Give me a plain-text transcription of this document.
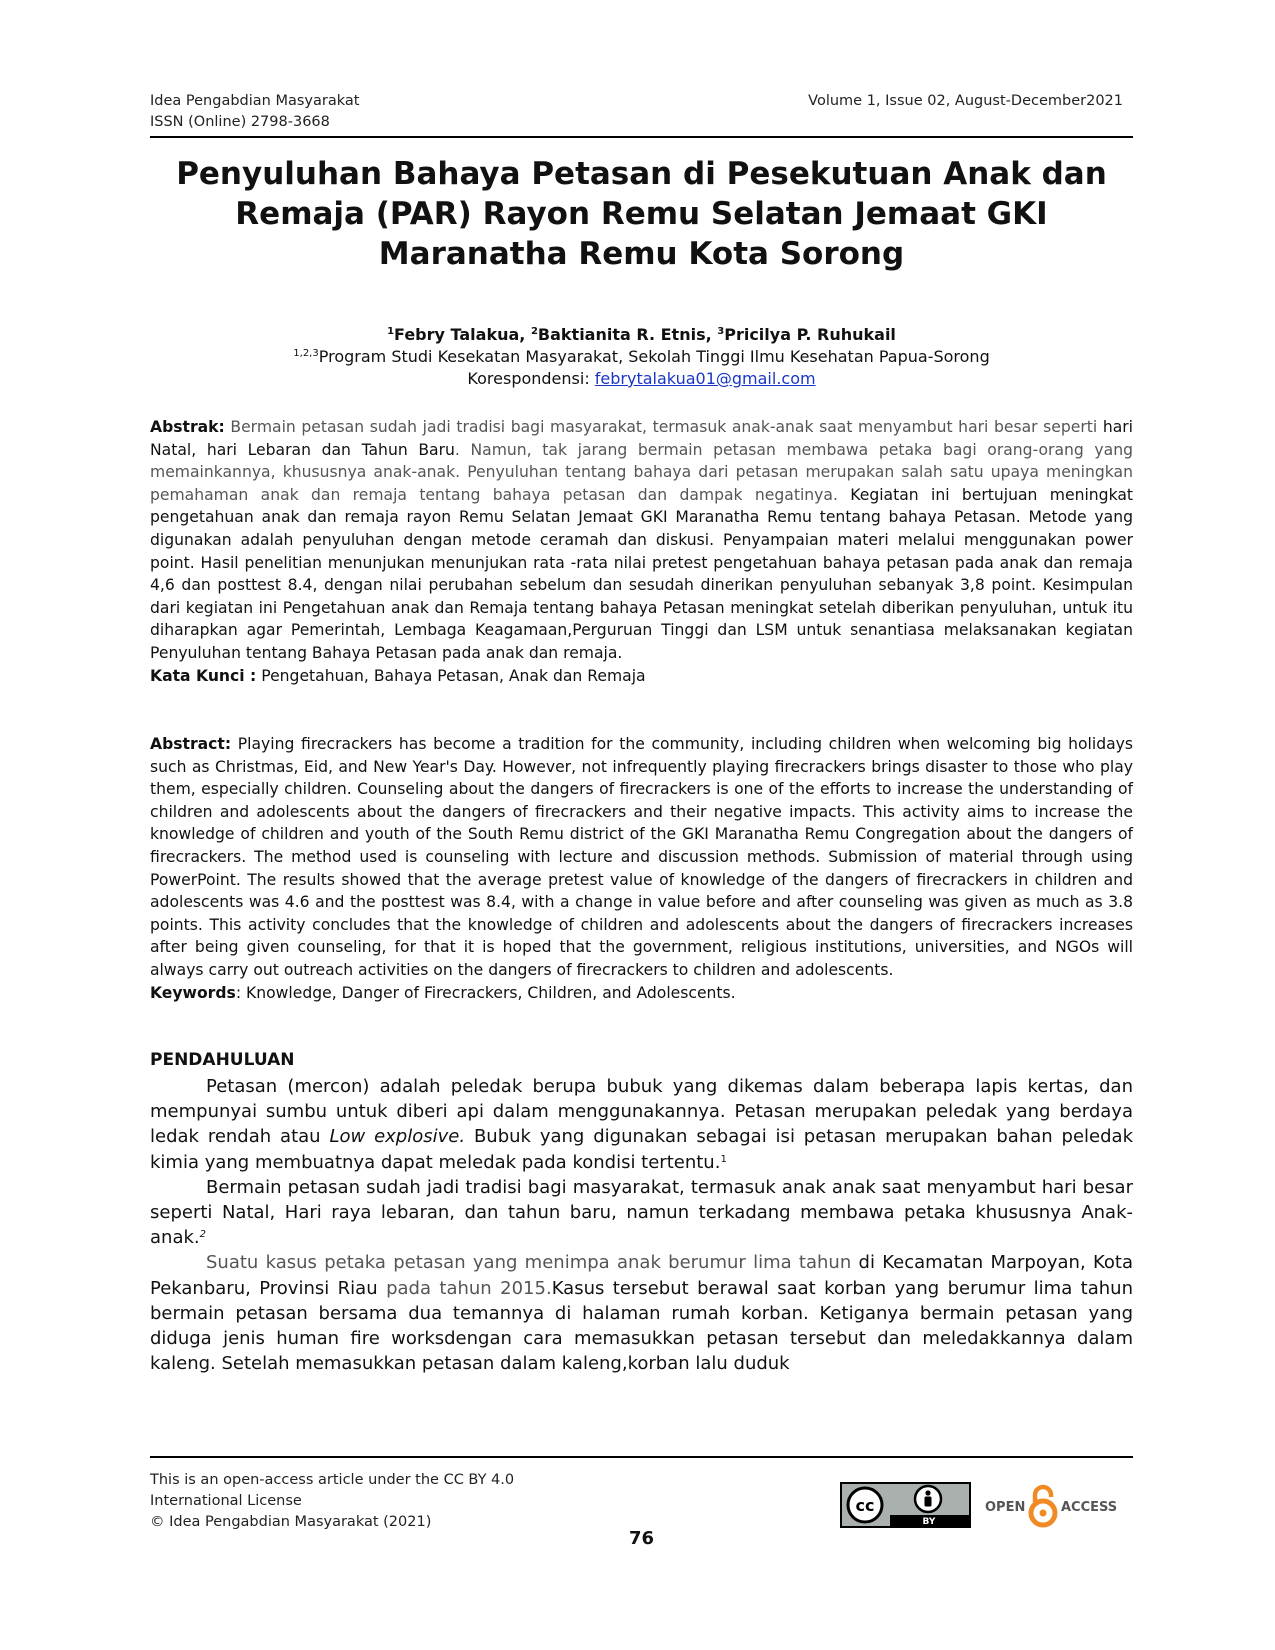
Idea Pengabdian Masyarakat
ISSN (Online) 2798-3668
Volume 1, Issue 02, August-December2021
Penyuluhan Bahaya Petasan di Pesekutuan Anak dan
Remaja (PAR) Rayon Remu Selatan Jemaat GKI
Maranatha Remu Kota Sorong
$^1$Febry Talakua, $^2$Baktianita R. Etnis, $^3$Pricilya P. Ruhukail
$^{1,2,3}$Program Studi Kesekatan Masyarakat, Sekolah Tinggi Ilmu Kesehatan Papua-Sorong
Korespondensi: febrytalakua01@gmail.com

Abstrak: Bermain petasan sudah jadi tradisi bagi masyarakat, termasuk anak-anak saat menyambut hari besar seperti hari Natal, hari Lebaran dan Tahun Baru. Namun, tak jarang bermain petasan membawa petaka bagi orang-orang yang memainkannya, khususnya anak-anak. Penyuluhan tentang bahaya dari petasan merupakan salah satu upaya meningkan pemahaman anak dan remaja tentang bahaya petasan dan dampak negatinya. Kegiatan ini bertujuan meningkat pengetahuan anak dan remaja rayon Remu Selatan Jemaat GKI Maranatha Remu tentang bahaya Petasan. Metode yang digunakan adalah penyuluhan dengan metode ceramah dan diskusi. Penyampaian materi melalui menggunakan power point. Hasil penelitian menunjukan menunjukan rata -rata nilai pretest pengetahuan bahaya petasan pada anak dan remaja 4,6 dan posttest 8.4, dengan nilai perubahan sebelum dan sesudah dinerikan penyuluhan sebanyak 3,8 point. Kesimpulan dari kegiatan ini Pengetahuan anak dan Remaja tentang bahaya Petasan meningkat setelah diberikan penyuluhan, untuk itu diharapkan agar Pemerintah, Lembaga Keagamaan,Perguruan Tinggi dan LSM untuk senantiasa melaksanakan kegiatan Penyuluhan tentang Bahaya Petasan pada anak dan remaja.

Kata Kunci : Pengetahuan, Bahaya Petasan, Anak dan Remaja

Abstract: Playing firecrackers has become a tradition for the community, including children when welcoming big holidays such as Christmas, Eid, and New Year's Day. However, not infrequently playing firecrackers brings disaster to those who play them, especially children. Counseling about the dangers of firecrackers is one of the efforts to increase the understanding of children and adolescents about the dangers of firecrackers and their negative impacts. This activity aims to increase the knowledge of children and youth of the South Remu district of the GKI Maranatha Remu Congregation about the dangers of firecrackers. The method used is counseling with lecture and discussion methods. Submission of material through using PowerPoint. The results showed that the average pretest value of knowledge of the dangers of firecrackers in children and adolescents was 4.6 and the posttest was 8.4, with a change in value before and after counseling was given as much as 3.8 points. This activity concludes that the knowledge of children and adolescents about the dangers of firecrackers increases after being given counseling, for that it is hoped that the government, religious institutions, universities, and NGOs will always carry out outreach activities on the dangers of firecrackers to children and adolescents.

Keywords: Knowledge, Danger of Firecrackers, Children, and Adolescents.

PENDAHULUAN

Petasan (mercon) adalah peledak berupa bubuk yang dikemas dalam beberapa lapis kertas, dan mempunyai sumbu untuk diberi api dalam menggunakannya. Petasan merupakan peledak yang berdaya ledak rendah atau Low explosive. Bubuk yang digunakan sebagai isi petasan merupakan bahan peledak kimia yang membuatnya dapat meledak pada kondisi tertentu.$^1$

Bermain petasan sudah jadi tradisi bagi masyarakat, termasuk anak anak saat menyambut hari besar seperti Natal, Hari raya lebaran, dan tahun baru, namun terkadang membawa petaka khususnya Anak-anak.$^2$

Suatu kasus petaka petasan yang menimpa anak berumur lima tahun di Kecamatan Marpoyan, Kota Pekanbaru, Provinsi Riau pada tahun 2015.Kasus tersebut berawal saat korban yang berumur lima tahun bermain petasan bersama dua temannya di halaman rumah korban. Ketiganya bermain petasan yang diduga jenis human fire worksdengan cara memasukkan petasan tersebut dan meledakkannya dalam kaleng. Setelah memasukkan petasan dalam kaleng,korban lalu duduk

This is an open-access article under the CC BY 4.0
International License
© Idea Pengabdian Masyarakat (2021)
76
cc
BY
OPEN	ACCESS
